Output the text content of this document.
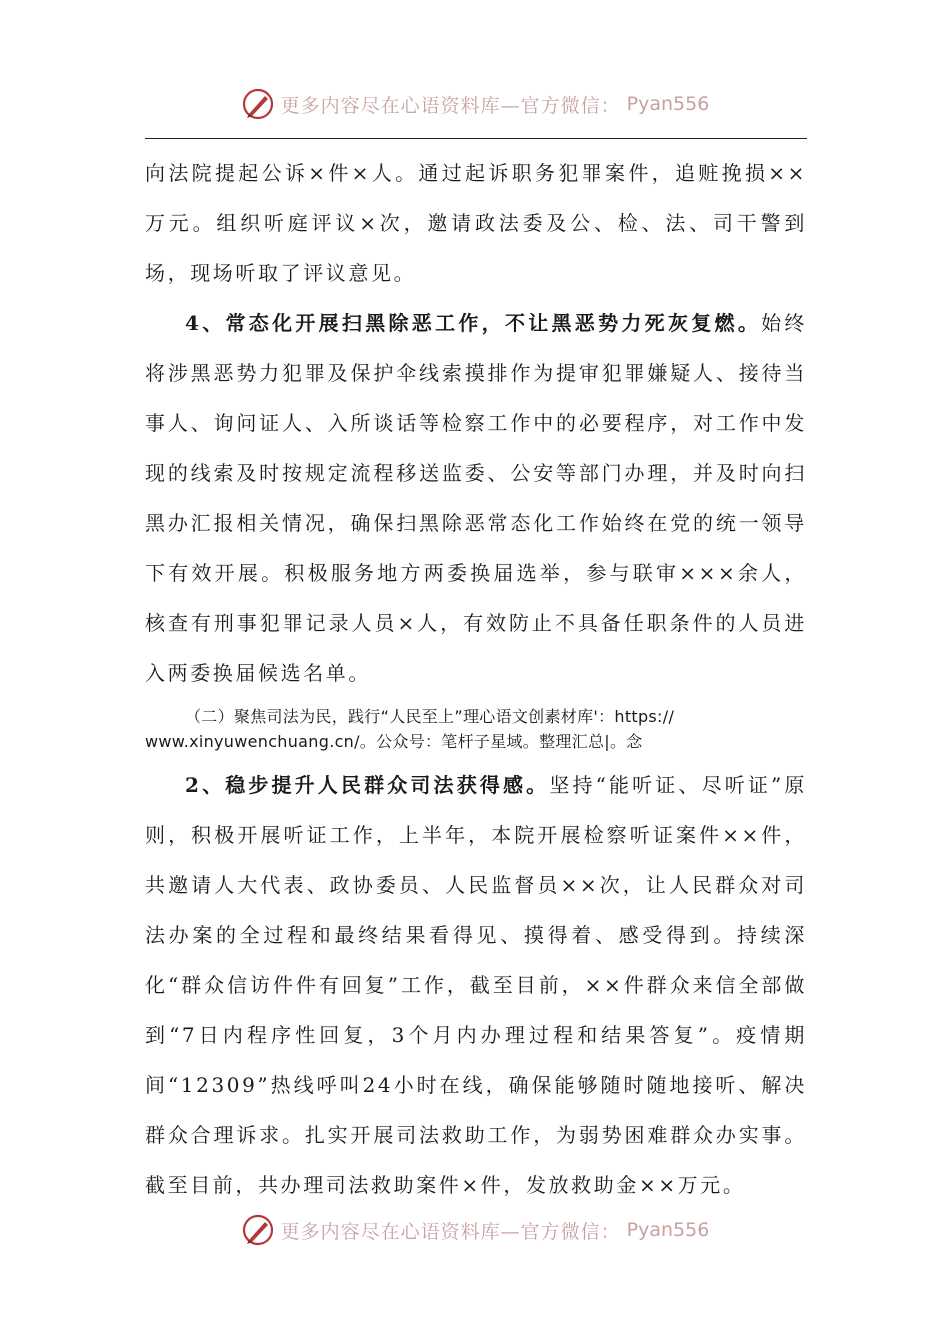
更多内容尽在心语资料库—官方微信： Pyan556

向法院提起公诉×件×人。通过起诉职务犯罪案件，追赃挽损××万元。组织听庭评议×次，邀请政法委及公、检、法、司干警到场，现场听取了评议意见。

4、常态化开展扫黑除恶工作，不让黑恶势力死灰复燃。始终将涉黑恶势力犯罪及保护伞线索摸排作为提审犯罪嫌疑人、接待当事人、询问证人、入所谈话等检察工作中的必要程序，对工作中发现的线索及时按规定流程移送监委、公安等部门办理，并及时向扫黑办汇报相关情况，确保扫黑除恶常态化工作始终在党的统一领导下有效开展。积极服务地方两委换届选举，参与联审×××余人，核查有刑事犯罪记录人员×人，有效防止不具备任职条件的人员进入两委换届候选名单。

（二）聚焦司法为民，践行“人民至上”理心语文创素材库'：https://
www.xinyuwenchuang.cn/。公众号：笔杆子星域。整理汇总|。念

2、稳步提升人民群众司法获得感。坚持“能听证、尽听证”原则，积极开展听证工作，上半年，本院开展检察听证案件××件，共邀请人大代表、政协委员、人民监督员××次，让人民群众对司法办案的全过程和最终结果看得见、摸得着、感受得到。持续深化“群众信访件件有回复”工作，截至目前，××件群众来信全部做到“7日内程序性回复，3个月内办理过程和结果答复”。疫情期间“12309”热线呼叫24小时在线，确保能够随时随地接听、解决群众合理诉求。扎实开展司法救助工作，为弱势困难群众办实事。截至目前，共办理司法救助案件×件，发放救助金××万元。

更多内容尽在心语资料库—官方微信： Pyan556
